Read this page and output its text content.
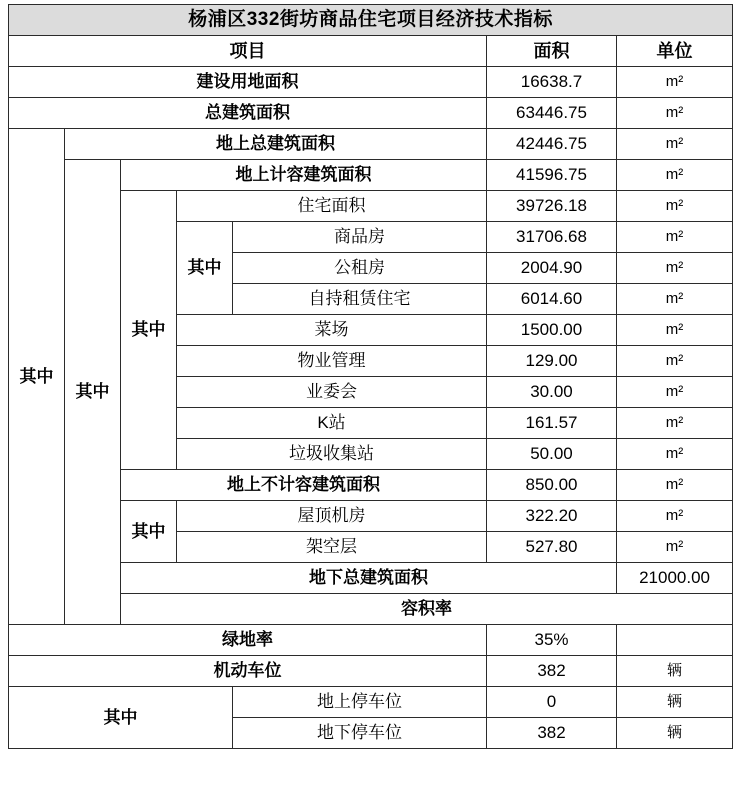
杨浦区332街坊商品住宅项目经济技术指标							
项目					面积	单位	
建设用地面积					16638.7	m²	
总建筑面积					63446.75	m²	
其中	地上总建筑面积				42446.75	m²	
	其中	地上计容建筑面积			41596.75	m²	
		其中	住宅面积		39726.18	m²	
			其中	商品房	31706.68	m²	
				公租房	2004.90	m²	
				自持租赁住宅	6014.60	m²	
			菜场		1500.00	m²	
			物业管理		129.00	m²	
			业委会		30.00	m²	
			K站		161.57	m²	
			垃圾收集站		50.00	m²	
		地上不计容建筑面积			850.00	m²	
		其中	屋顶机房		322.20	m²	
			架空层		527.80	m²	
		地下总建筑面积				21000.00	
		容积率		
绿地率					35%		
机动车位					382	辆	
其中				地上停车位	0	辆	
				地下停车位	382	辆	
